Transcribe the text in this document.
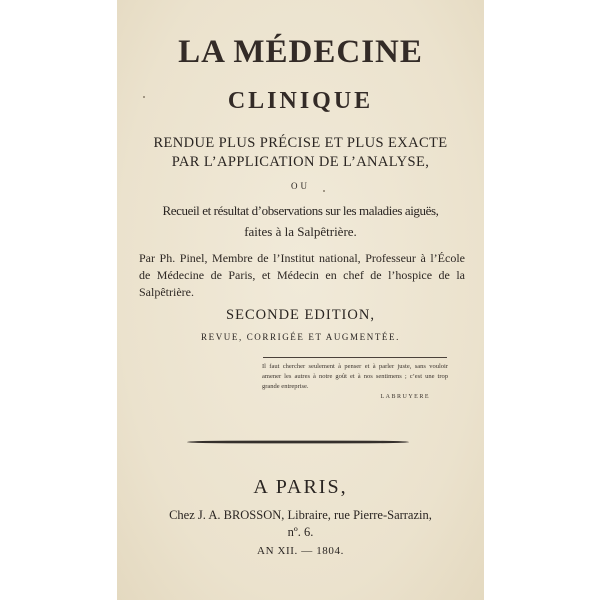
LA MÉDECINE
CLINIQUE
RENDUE PLUS PRÉCISE ET PLUS EXACTE
PAR L’APPLICATION DE L’ANALYSE,
OU
Recueil et résultat d’observations sur les maladies aiguës,
faites à la Salpêtrière.
Par Ph. Pinel, Membre de l’Institut national, Professeur à l’École de Médecine de Paris, et Médecin en chef de l’hospice de la Salpêtrière.
SECONDE EDITION,
REVUE, CORRIGÉE ET AUGMENTÉE.
Il faut chercher seulement à penser et à parler juste, sans vouloir amener les autres à notre goût et à nos sentimens ; c’est une trop grande entreprise.
LABRUYERE
A PARIS,
Chez J. A. BROSSON, Libraire, rue Pierre-Sarrazin,
nº. 6.
AN XII. — 1804.
